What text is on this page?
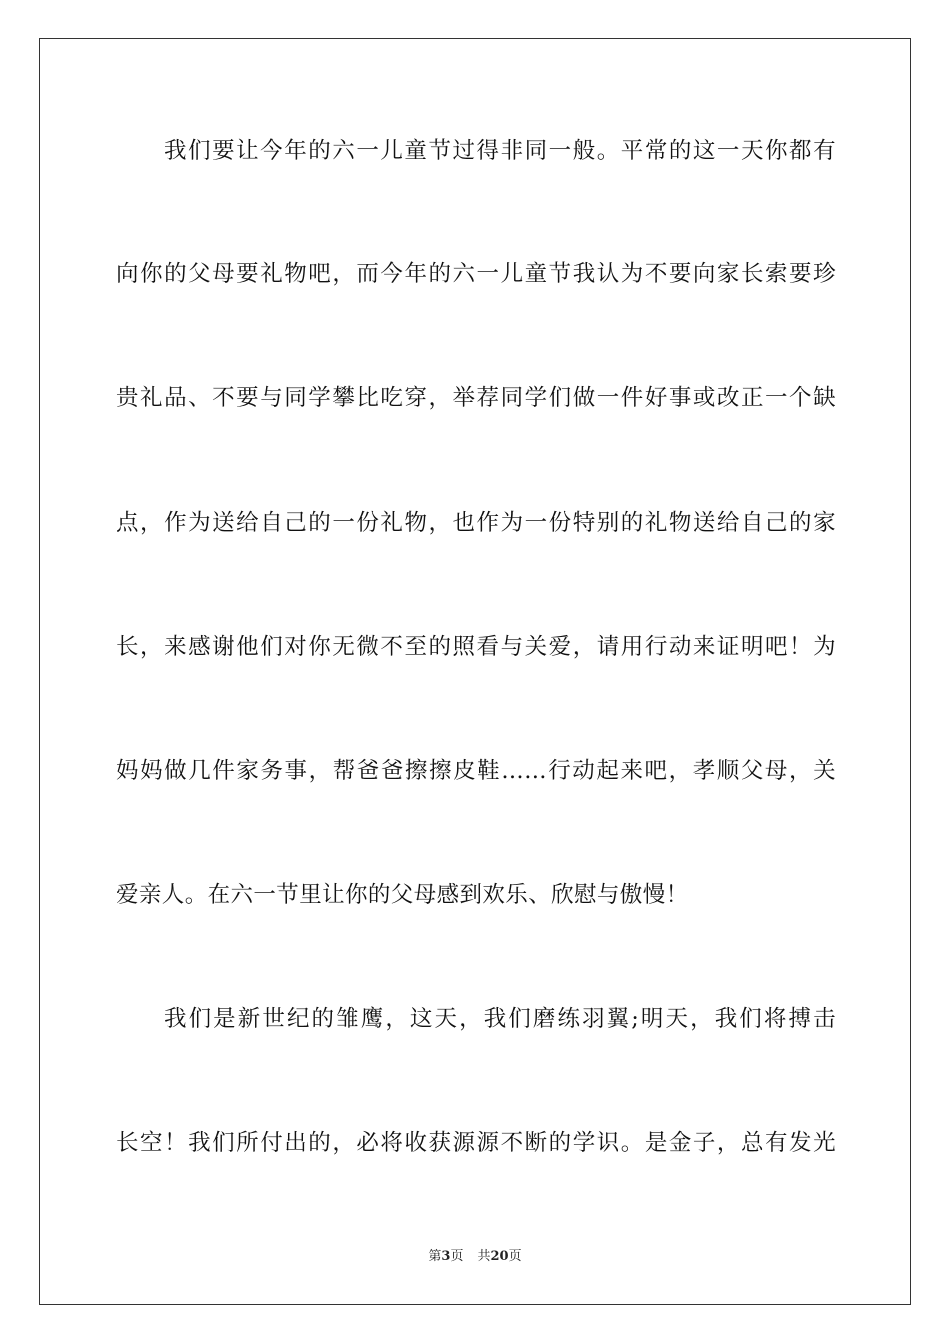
我们要让今年的六一儿童节过得非同一般。平常的这一天你都有
向你的父母要礼物吧，而今年的六一儿童节我认为不要向家长索要珍
贵礼品、不要与同学攀比吃穿，举荐同学们做一件好事或改正一个缺
点，作为送给自己的一份礼物，也作为一份特别的礼物送给自己的家
长，来感谢他们对你无微不至的照看与关爱，请用行动来证明吧！为
妈妈做几件家务事，帮爸爸擦擦皮鞋……行动起来吧，孝顺父母，关
爱亲人。在六一节里让你的父母感到欢乐、欣慰与傲慢！
我们是新世纪的雏鹰，这天，我们磨练羽翼;明天，我们将搏击
长空！我们所付出的，必将收获源源不断的学识。是金子，总有发光
第3页 共20页
